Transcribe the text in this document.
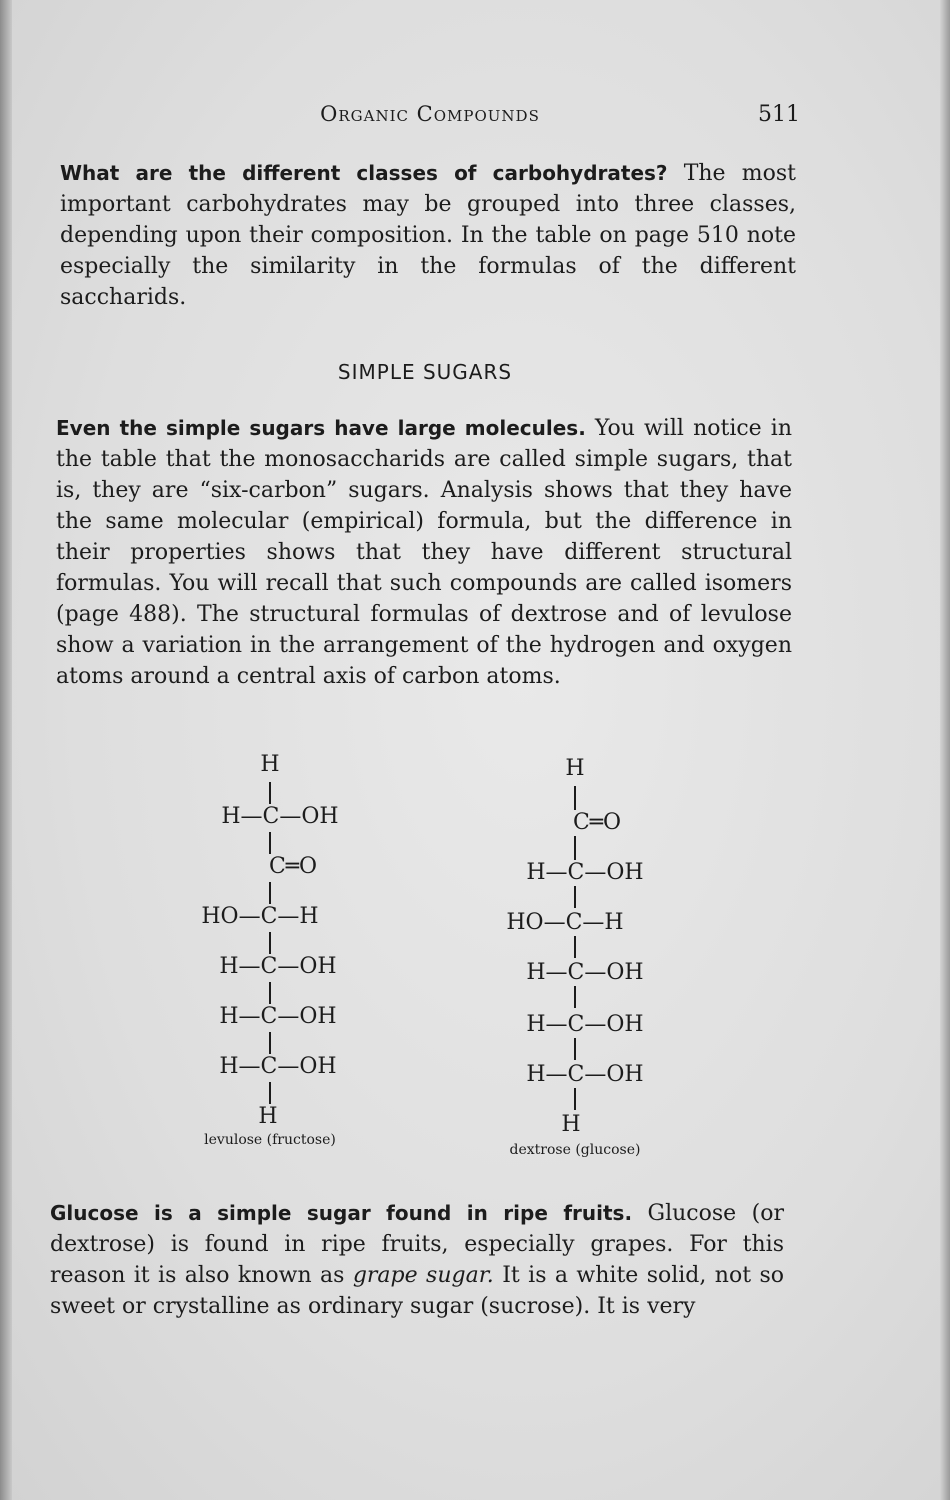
Organic Compounds	511

What are the different classes of carbohydrates? The most important carbohydrates may be grouped into three classes, depending upon their composition. In the table on page 510 note especially the similarity in the formulas of the different saccharids.

SIMPLE SUGARS

Even the simple sugars have large molecules. You will notice in the table that the monosaccharids are called simple sugars, that is, they are “six-carbon” sugars. Analysis shows that they have the same molecular (empirical) formula, but the difference in their properties shows that they have different structural formulas. You will recall that such compounds are called isomers (page 488). The structural formulas of dextrose and of levulose show a variation in the arrangement of the hydrogen and oxygen atoms around a central axis of carbon atoms.

H
H—C—OH
C═O
HO—C—H
H—C—OH
H—C—OH
H—C—OH
H
levulose (fructose)
H
C═O
H—C—OH
HO—C—H
H—C—OH
H—C—OH
H—C—OH
H
dextrose (glucose)

Glucose is a simple sugar found in ripe fruits. Glucose (or dextrose) is found in ripe fruits, especially grapes. For this reason it is also known as grape sugar. It is a white solid, not so sweet or crystalline as ordinary sugar (sucrose). It is very
